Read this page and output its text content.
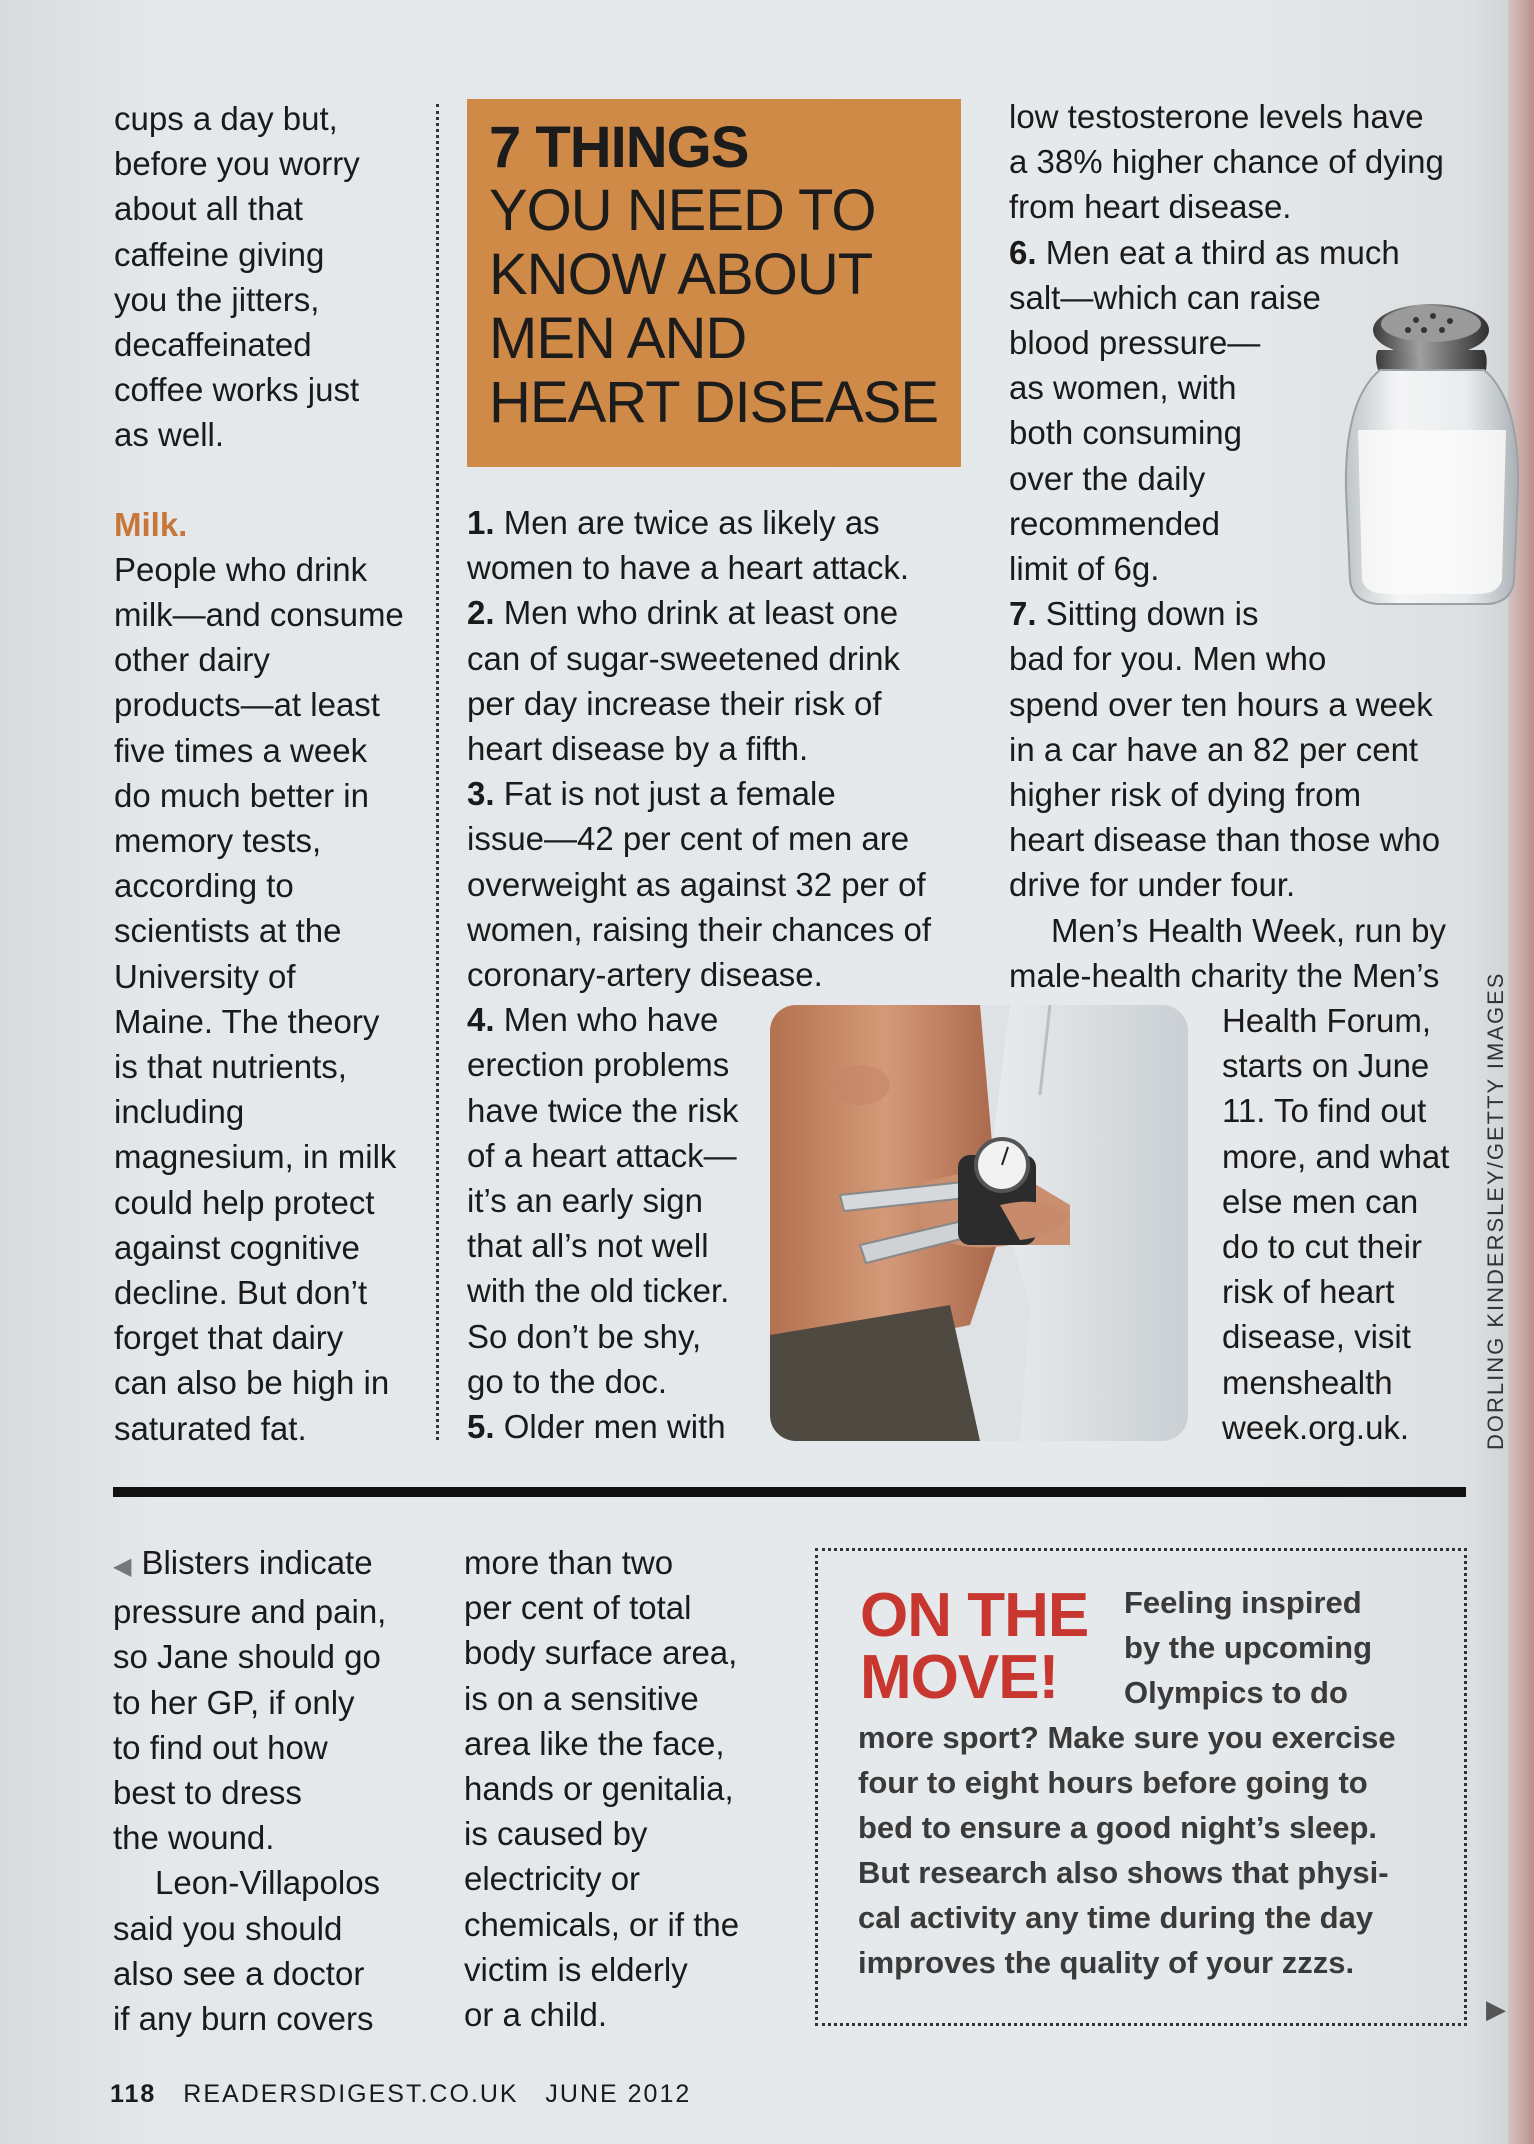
cups a day but,
before you worry
about all that
caffeine giving
you the jitters,
decaffeinated
coffee works just
as well.

Milk.

People who drink
milk—and consume
other dairy
products—at least
five times a week
do much better in
memory tests,
according to
scientists at the
University of
Maine. The theory
is that nutrients,
including
magnesium, in milk
could help protect
against cognitive
decline. But don’t
forget that dairy
can also be high in
saturated fat.

7 THINGS
YOU NEED TO
KNOW ABOUT
MEN AND
HEART DISEASE

1. Men are twice as likely as
women to have a heart attack.

2. Men who drink at least one
can of sugar-sweetened drink
per day increase their risk of
heart disease by a fifth.

3. Fat is not just a female
issue—42 per cent of men are
overweight as against 32 per of
women, raising their chances of
coronary-artery disease.

4. Men who have
erection problems
have twice the risk
of a heart attack—
it’s an early sign
that all’s not well
with the old ticker.
So don’t be shy,
go to the doc.

5. Older men with

low testosterone levels have
a 38% higher chance of dying
from heart disease.

6. Men eat a third as much
salt—which can raise
blood pressure—
as women, with
both consuming
over the daily
recommended
limit of 6g.

7. Sitting down is
bad for you. Men who
spend over ten hours a week
in a car have an 82 per cent
higher risk of dying from
heart disease than those who
drive for under four.

Men’s Health Week, run by
male-health charity the Men’s

Health Forum,
starts on June
11. To find out
more, and what
else men can
do to cut their
risk of heart
disease, visit
menshealth
week.org.uk.	DORLING KINDERSLEY/GETTY IMAGES

◀ Blisters indicate
pressure and pain,
so Jane should go
to her GP, if only
to find out how
best to dress
the wound.

Leon-Villapolos
said you should
also see a doctor
if any burn covers

more than two
per cent of total
body surface area,
is on a sensitive
area like the face,
hands or genitalia,
is caused by
electricity or
chemicals, or if the
victim is elderly
or a child.
ON THE
MOVE!
Feeling inspired
by the upcoming
Olympics to do
more sport? Make sure you exercise
four to eight hours before going to
bed to ensure a good night’s sleep.
But research also shows that physi-
cal activity any time during the day
improves the quality of your zzzs.
▶
118 READERSDIGEST.CO.UK JUNE 2012
